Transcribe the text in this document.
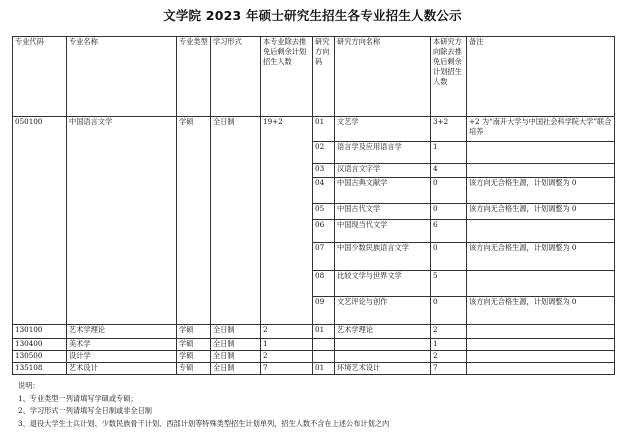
文学院 2023 年硕士研究生招生各专业招生人数公示
专业代码	专业名称	专业类型	学习形式	本专业除去推免后剩余计划招生人数	研究方向码	研究方向名称	本研究方向除去推免后剩余计划招生人数	备注
050100	中国语言文学	学硕	全日制	19+2	01	文艺学	3+2	+2 为“南开大学与中国社会科学院大学”联合培养
					02	语言学及应用语言学	1	
					03	汉语言文字学	4	
					04	中国古典文献学	0	该方向无合格生源，计划调整为 0
					05	中国古代文学	0	该方向无合格生源，计划调整为 0
					06	中国现当代文学	6	
					07	中国少数民族语言文学	0	该方向无合格生源，计划调整为 0
					08	比较文学与世界文学	5	
					09	文艺评论与创作	0	该方向无合格生源，计划调整为 0
130100	艺术学理论	学硕	全日制	2	01	艺术学理论	2	
130400	美术学	学硕	全日制	1			1	
130500	设计学	学硕	全日制	2			2	
135108	艺术设计	专硕	全日制	7	01	环境艺术设计	7	
说明：
1、专业类型一列请填写学硕或专硕；
2、学习形式一列请填写全日制或非全日制
3、退役大学生士兵计划、少数民族骨干计划、西部计划等特殊类型招生计划单列，招生人数不含在上述公布计划之内
